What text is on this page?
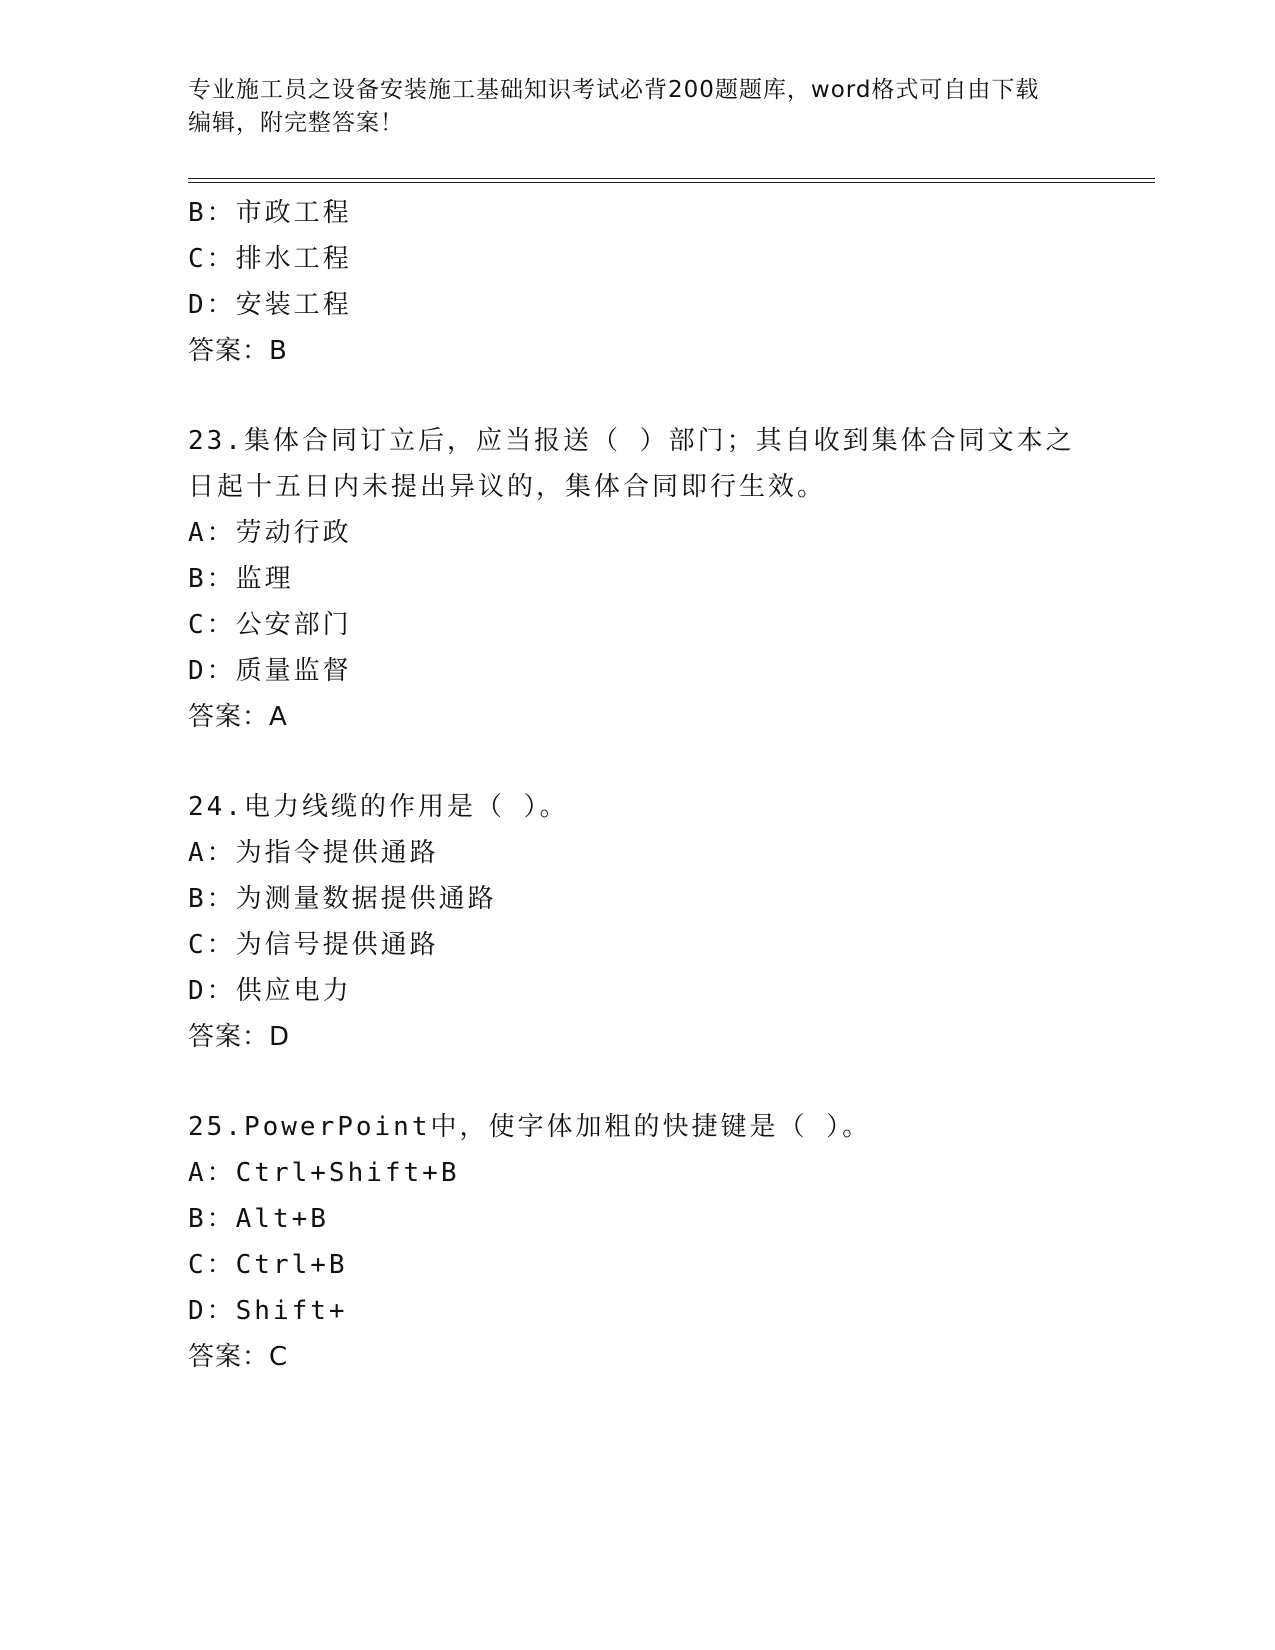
专业施工员之设备安装施工基础知识考试必背200题题库，word格式可自由下载
编辑，附完整答案！
B：市政工程
C：排水工程
D：安装工程
答案：B
23.集体合同订立后，应当报送（ ）部门；其自收到集体合同文本之
日起十五日内未提出异议的，集体合同即行生效。
A：劳动行政
B：监理
C：公安部门
D：质量监督
答案：A
24.电力线缆的作用是（ ）。
A：为指令提供通路
B：为测量数据提供通路
C：为信号提供通路
D：供应电力
答案：D
25.PowerPoint中，使字体加粗的快捷键是（ ）。
A：Ctrl+Shift+B
B：Alt+B
C：Ctrl+B
D：Shift+
答案：C
